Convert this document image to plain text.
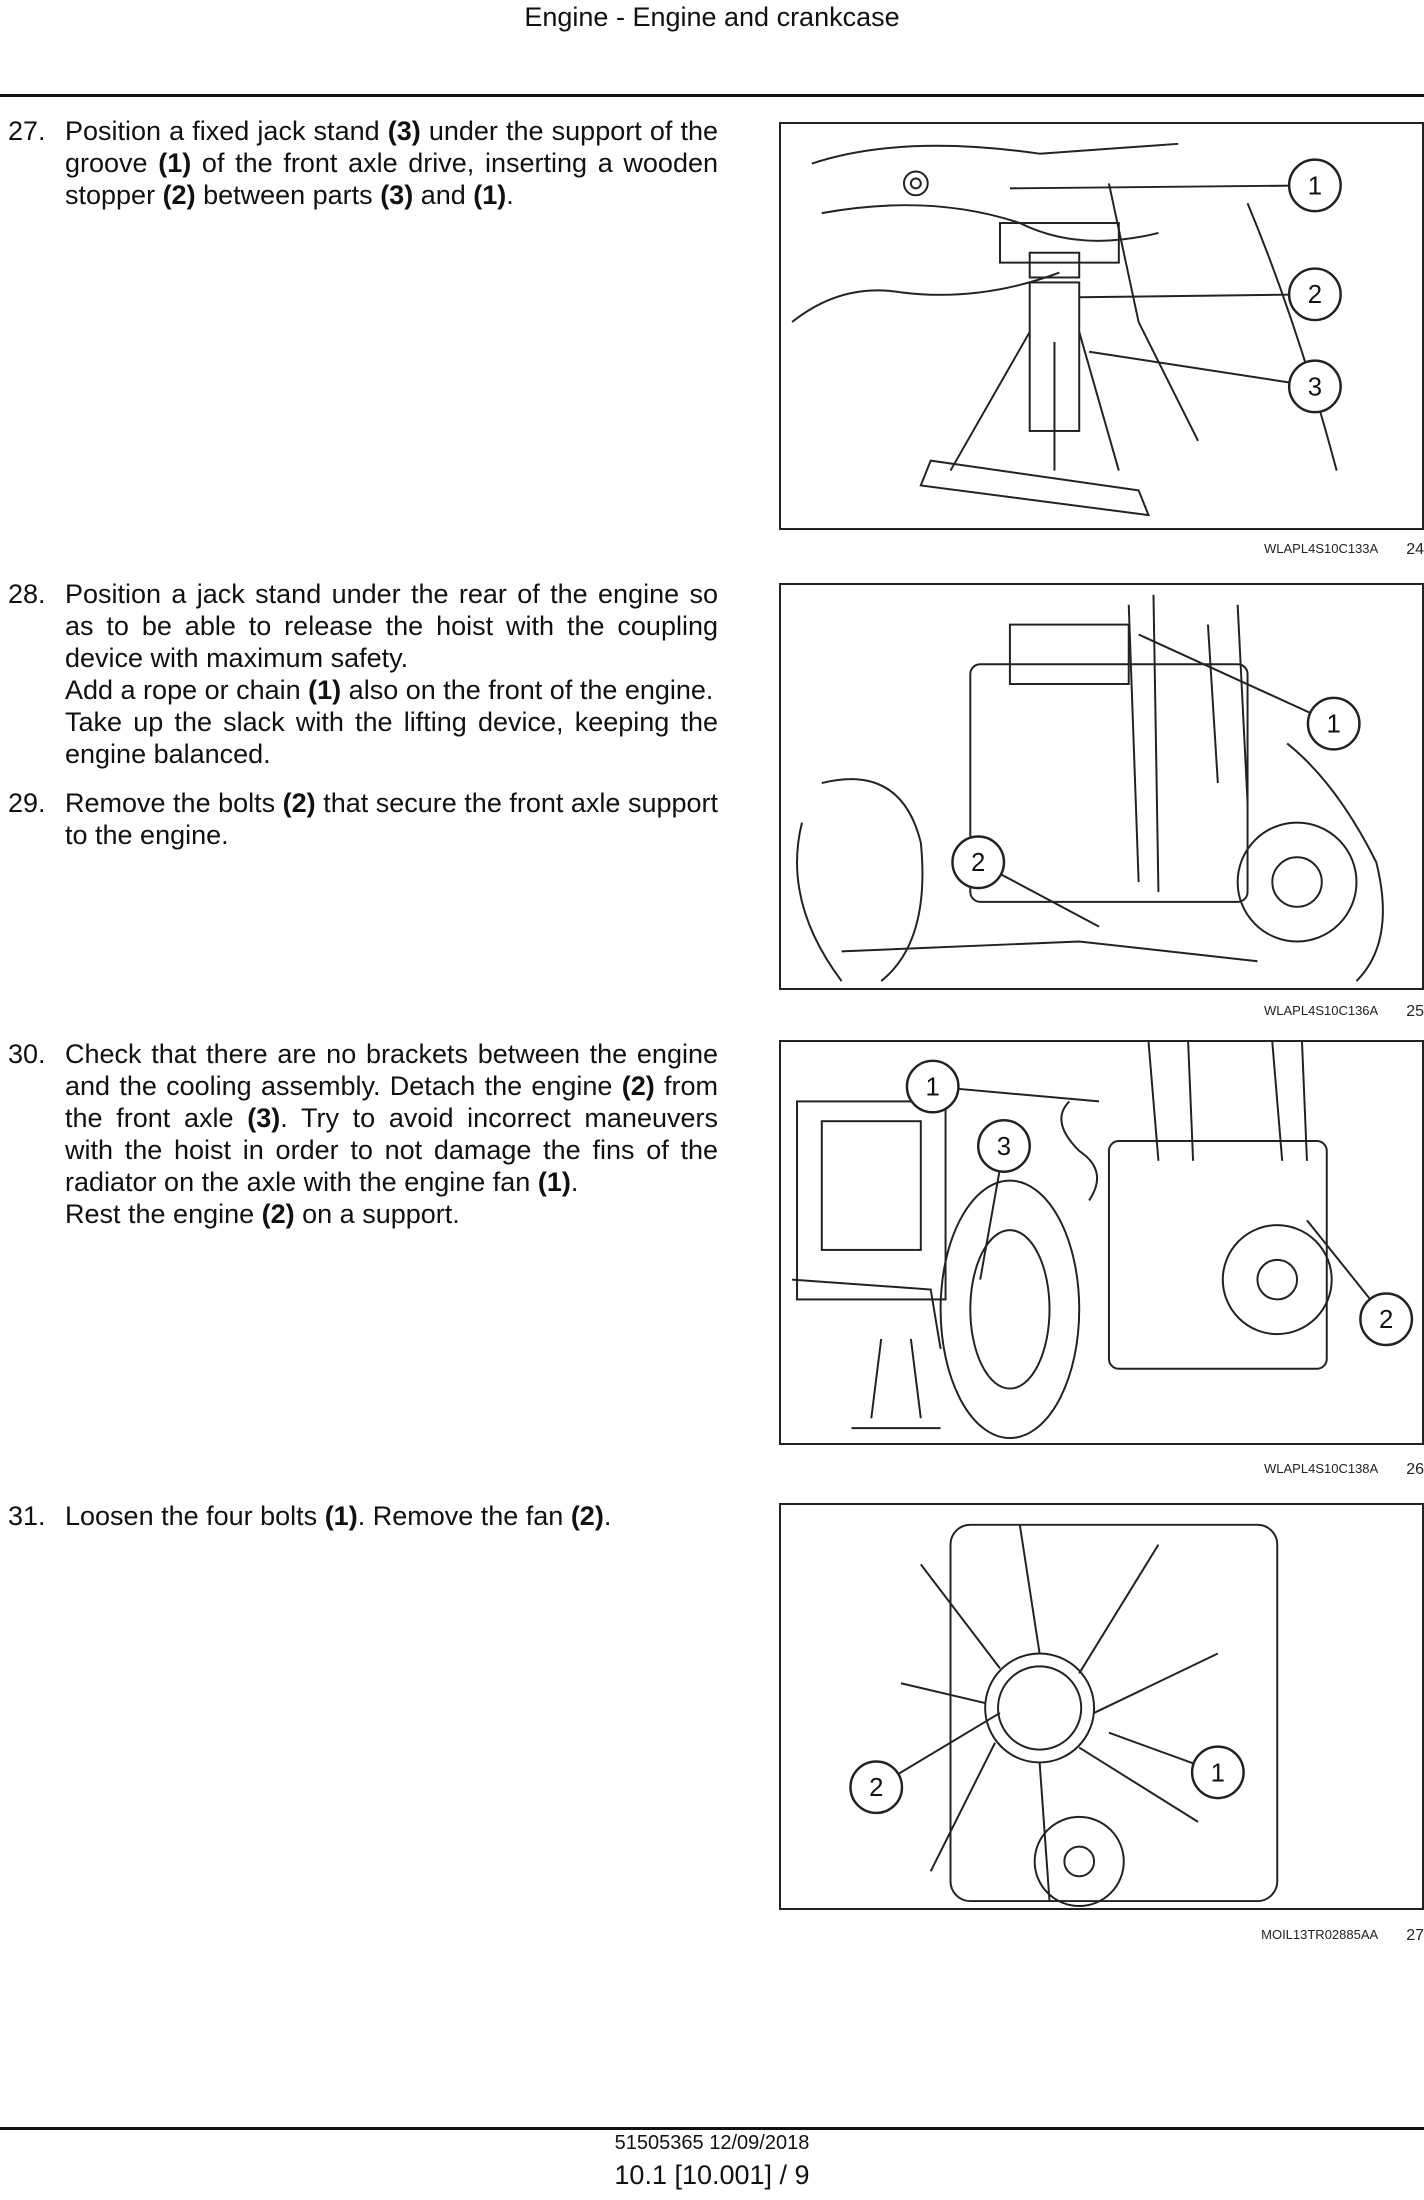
Engine - Engine and crankcase
27. Position a fixed jack stand (3) under the support of the groove (1) of the front axle drive, inserting a wooden stopper (2) between parts (3) and (1).

28. Position a jack stand under the rear of the engine so as to be able to release the hoist with the coupling device with maximum safety.

Add a rope or chain (1) also on the front of the engine.

Take up the slack with the lifting device, keeping the engine balanced.

29. Remove the bolts (2) that secure the front axle support to the engine.

30. Check that there are no brackets between the engine and the cooling assembly. Detach the engine (2) from the front axle (3). Try to avoid incorrect maneuvers with the hoist in order to not damage the fins of the radiator on the axle with the engine fan (1).

Rest the engine (2) on a support.

31. Loosen the four bolts (1). Remove the fan (2).

1
2
3
WLAPL4S10C133A 24
1
2
WLAPL4S10C136A 25
1
3
2
WLAPL4S10C138A 26
1
2
MOIL13TR02885AA 27
51505365 12/09/2018
10.1 [10.001] / 9
